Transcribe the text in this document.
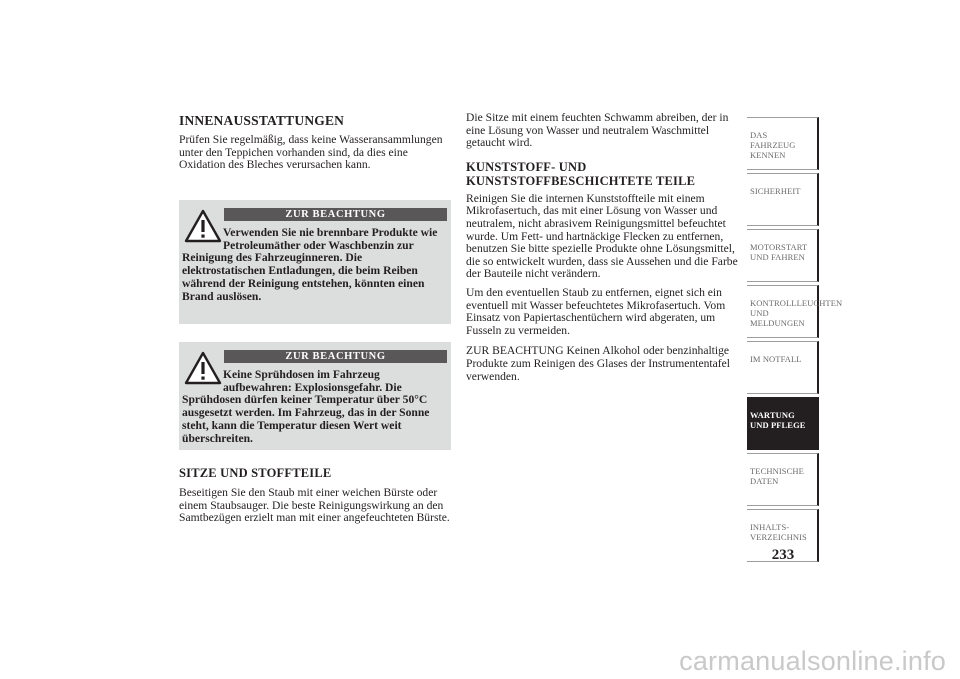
INNENAUSSTATTUNGEN
Prüfen Sie regelmäßig, dass keine Wasseransammlungen unter den Teppichen vorhanden sind, da dies eine Oxidation des Bleches verursachen kann.
ZUR BEACHTUNG
Verwenden Sie nie brennbare Produkte wie Petroleumäther oder Waschbenzin zur Reinigung des Fahrzeuginneren. Die elektrostatischen Entladungen, die beim Reiben während der Reinigung entstehen, könnten einen Brand auslösen.
ZUR BEACHTUNG
Keine Sprühdosen im Fahrzeug aufbewahren: Explosionsgefahr. Die Sprühdosen dürfen keiner Temperatur über 50°C ausgesetzt werden. Im Fahrzeug, das in der Sonne steht, kann die Temperatur diesen Wert weit überschreiten.
SITZE UND STOFFTEILE
Beseitigen Sie den Staub mit einer weichen Bürste oder einem Staubsauger. Die beste Reinigungswirkung an den Samtbezügen erzielt man mit einer angefeuchteten Bürste.
Die Sitze mit einem feuchten Schwamm abreiben, der in eine Lösung von Wasser und neutralem Waschmittel getaucht wird.
KUNSTSTOFF- UND KUNSTSTOFFBESCHICHTETE TEILE
Reinigen Sie die internen Kunststoffteile mit einem Mikrofasertuch, das mit einer Lösung von Wasser und neutralem, nicht abrasivem Reinigungsmittel befeuchtet wurde. Um Fett- und hartnäckige Flecken zu entfernen, benutzen Sie bitte spezielle Produkte ohne Lösungsmittel, die so entwickelt wurden, dass sie Aussehen und die Farbe der Bauteile nicht verändern.
Um den eventuellen Staub zu entfernen, eignet sich ein eventuell mit Wasser befeuchtetes Mikrofasertuch. Vom Einsatz von Papiertaschentüchern wird abgeraten, um Fusseln zu vermeiden.
ZUR BEACHTUNG Keinen Alkohol oder benzinhaltige Produkte zum Reinigen des Glases der Instrumententafel verwenden.
DAS FAHRZEUG KENNEN
SICHERHEIT
MOTORSTART UND FAHREN
KONTROLLLEUCHTEN UND MELDUNGEN
IM NOTFALL
WARTUNG UND PFLEGE
TECHNISCHE DATEN
INHALTS- VERZEICHNIS
233
carmanualsonline.info
